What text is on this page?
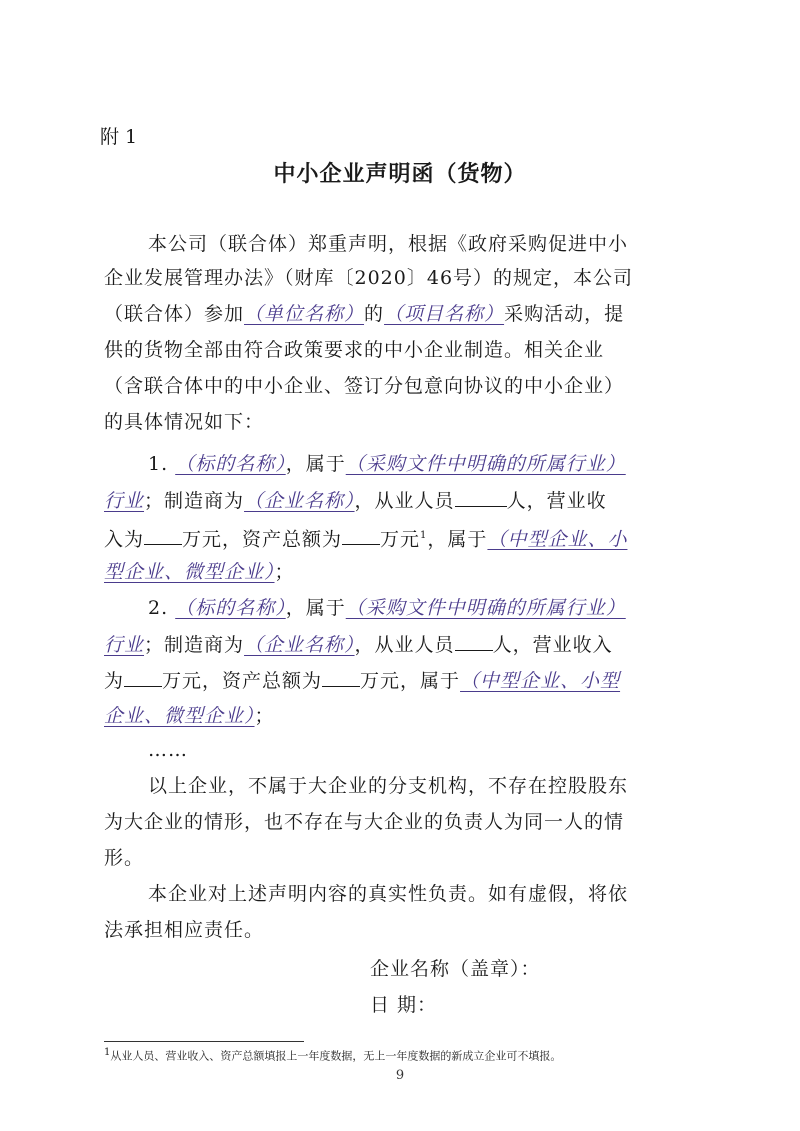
附 1
中小企业声明函（货物）
本公司（联合体）郑重声明，根据《政府采购促进中小
企业发展管理办法》（财库〔2020〕46号）的规定，本公司
（联合体）参加（单位名称）的（项目名称）采购活动，提
供的货物全部由符合政策要求的中小企业制造。相关企业
（含联合体中的中小企业、签订分包意向协议的中小企业）
的具体情况如下：
1. （标的名称），属于（采购文件中明确的所属行业）
行业；制造商为（企业名称），从业人员	人，营业收
入为 万元，资产总额为 万元$^1$，属于（中型企业、小
型企业、微型企业）；
2. （标的名称），属于（采购文件中明确的所属行业）
行业；制造商为（企业名称），从业人员 人，营业收入
为 万元，资产总额为 万元，属于（中型企业、小型
企业、微型企业）；
……
以上企业，不属于大企业的分支机构，不存在控股股东
为大企业的情形，也不存在与大企业的负责人为同一人的情
形。
本企业对上述声明内容的真实性负责。如有虚假，将依
法承担相应责任。
企业名称（盖章）：
日 期：
1从业人员、营业收入、资产总额填报上一年度数据，无上一年度数据的新成立企业可不填报。
9
